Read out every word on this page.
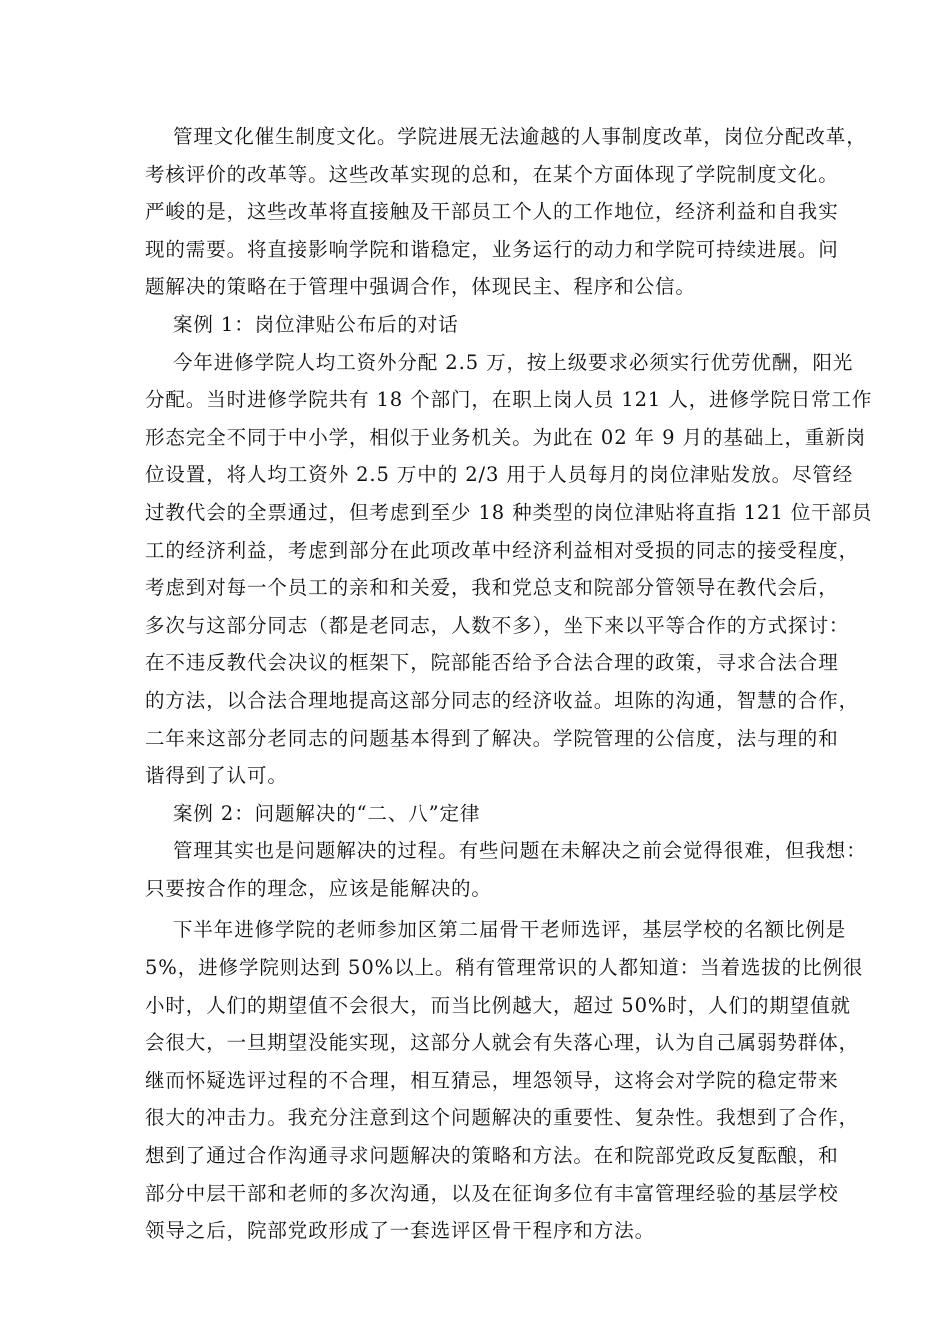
管理文化催生制度文化。学院进展无法逾越的人事制度改革，岗位分配改革，
考核评价的改革等。这些改革实现的总和，在某个方面体现了学院制度文化。
严峻的是，这些改革将直接触及干部员工个人的工作地位，经济利益和自我实
现的需要。将直接影响学院和谐稳定，业务运行的动力和学院可持续进展。问
题解决的策略在于管理中强调合作，体现民主、程序和公信。
案例 1：岗位津贴公布后的对话
今年进修学院人均工资外分配 2.5 万，按上级要求必须实行优劳优酬，阳光
分配。当时进修学院共有 18 个部门，在职上岗人员 121 人，进修学院日常工作
形态完全不同于中小学，相似于业务机关。为此在 02 年 9 月的基础上，重新岗
位设置，将人均工资外 2.5 万中的 2/3 用于人员每月的岗位津贴发放。尽管经
过教代会的全票通过，但考虑到至少 18 种类型的岗位津贴将直指 121 位干部员
工的经济利益，考虑到部分在此项改革中经济利益相对受损的同志的接受程度，
考虑到对每一个员工的亲和和关爱，我和党总支和院部分管领导在教代会后，
多次与这部分同志（都是老同志，人数不多），坐下来以平等合作的方式探讨：
在不违反教代会决议的框架下，院部能否给予合法合理的政策，寻求合法合理
的方法，以合法合理地提高这部分同志的经济收益。坦陈的沟通，智慧的合作，
二年来这部分老同志的问题基本得到了解决。学院管理的公信度，法与理的和
谐得到了认可。
案例 2：问题解决的“二、八”定律
管理其实也是问题解决的过程。有些问题在未解决之前会觉得很难，但我想：
只要按合作的理念，应该是能解决的。
下半年进修学院的老师参加区第二届骨干老师选评，基层学校的名额比例是
5%，进修学院则达到 50%以上。稍有管理常识的人都知道：当着选拔的比例很
小时，人们的期望值不会很大，而当比例越大，超过 50%时，人们的期望值就
会很大，一旦期望没能实现，这部分人就会有失落心理，认为自己属弱势群体，
继而怀疑选评过程的不合理，相互猜忌，埋怨领导，这将会对学院的稳定带来
很大的冲击力。我充分注意到这个问题解决的重要性、复杂性。我想到了合作，
想到了通过合作沟通寻求问题解决的策略和方法。在和院部党政反复酝酿，和
部分中层干部和老师的多次沟通，以及在征询多位有丰富管理经验的基层学校
领导之后，院部党政形成了一套选评区骨干程序和方法。
